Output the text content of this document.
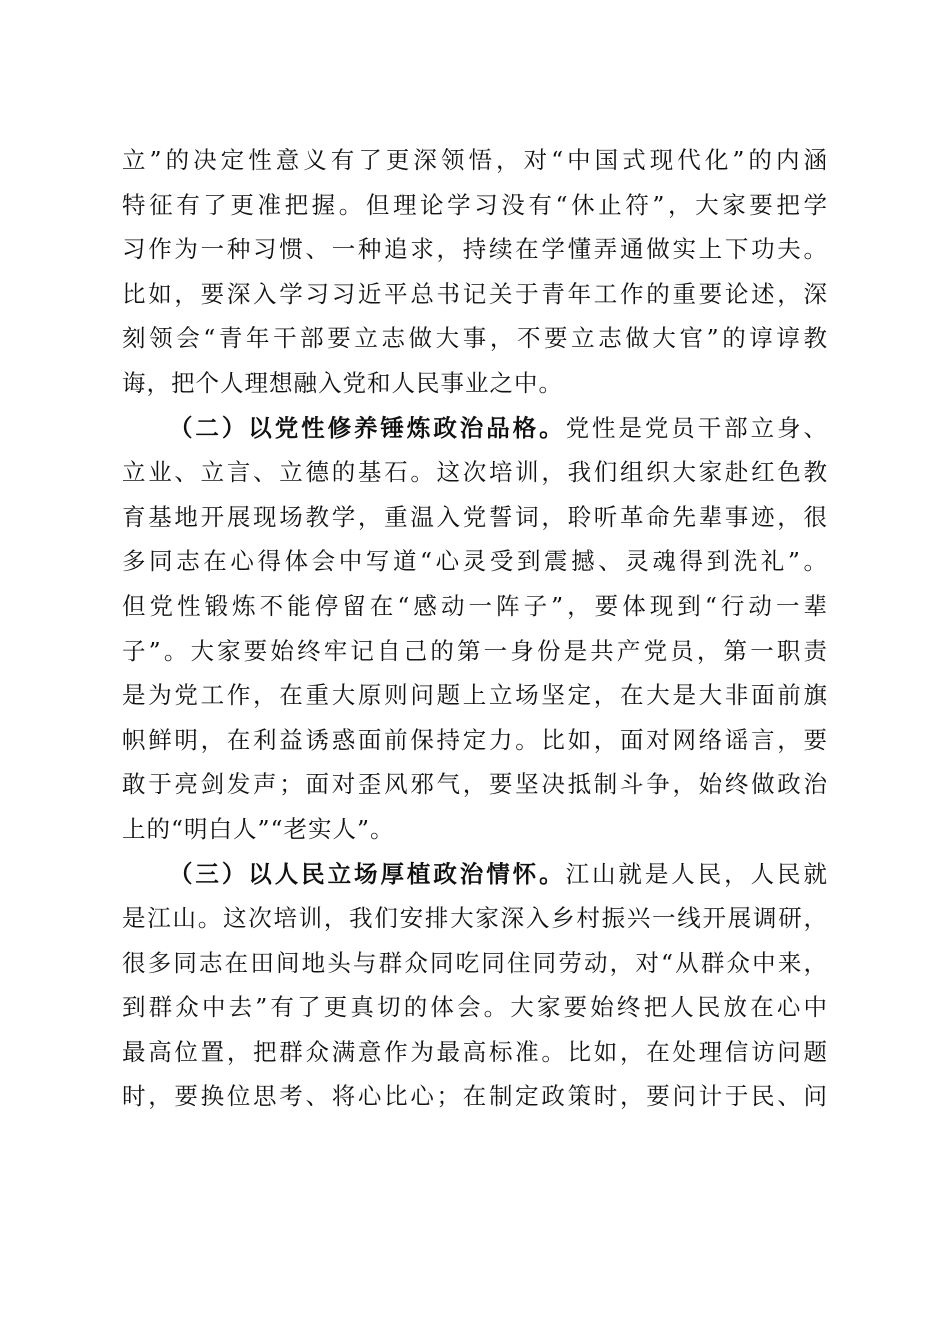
立”的决定性意义有了更深领悟，对“中国式现代化”的内涵
特征有了更准把握。但理论学习没有“休止符”，大家要把学
习作为一种习惯、一种追求，持续在学懂弄通做实上下功夫。
比如，要深入学习习近平总书记关于青年工作的重要论述，深
刻领会“青年干部要立志做大事，不要立志做大官”的谆谆教
诲，把个人理想融入党和人民事业之中。
（二）以党性修养锤炼政治品格。党性是党员干部立身、
立业、立言、立德的基石。这次培训，我们组织大家赴红色教
育基地开展现场教学，重温入党誓词，聆听革命先辈事迹，很
多同志在心得体会中写道“心灵受到震撼、灵魂得到洗礼”。
但党性锻炼不能停留在“感动一阵子”，要体现到“行动一辈
子”。大家要始终牢记自己的第一身份是共产党员，第一职责
是为党工作，在重大原则问题上立场坚定，在大是大非面前旗
帜鲜明，在利益诱惑面前保持定力。比如，面对网络谣言，要
敢于亮剑发声；面对歪风邪气，要坚决抵制斗争，始终做政治
上的“明白人”“老实人”。
（三）以人民立场厚植政治情怀。江山就是人民，人民就
是江山。这次培训，我们安排大家深入乡村振兴一线开展调研，
很多同志在田间地头与群众同吃同住同劳动，对“从群众中来，
到群众中去”有了更真切的体会。大家要始终把人民放在心中
最高位置，把群众满意作为最高标准。比如，在处理信访问题
时，要换位思考、将心比心；在制定政策时，要问计于民、问
